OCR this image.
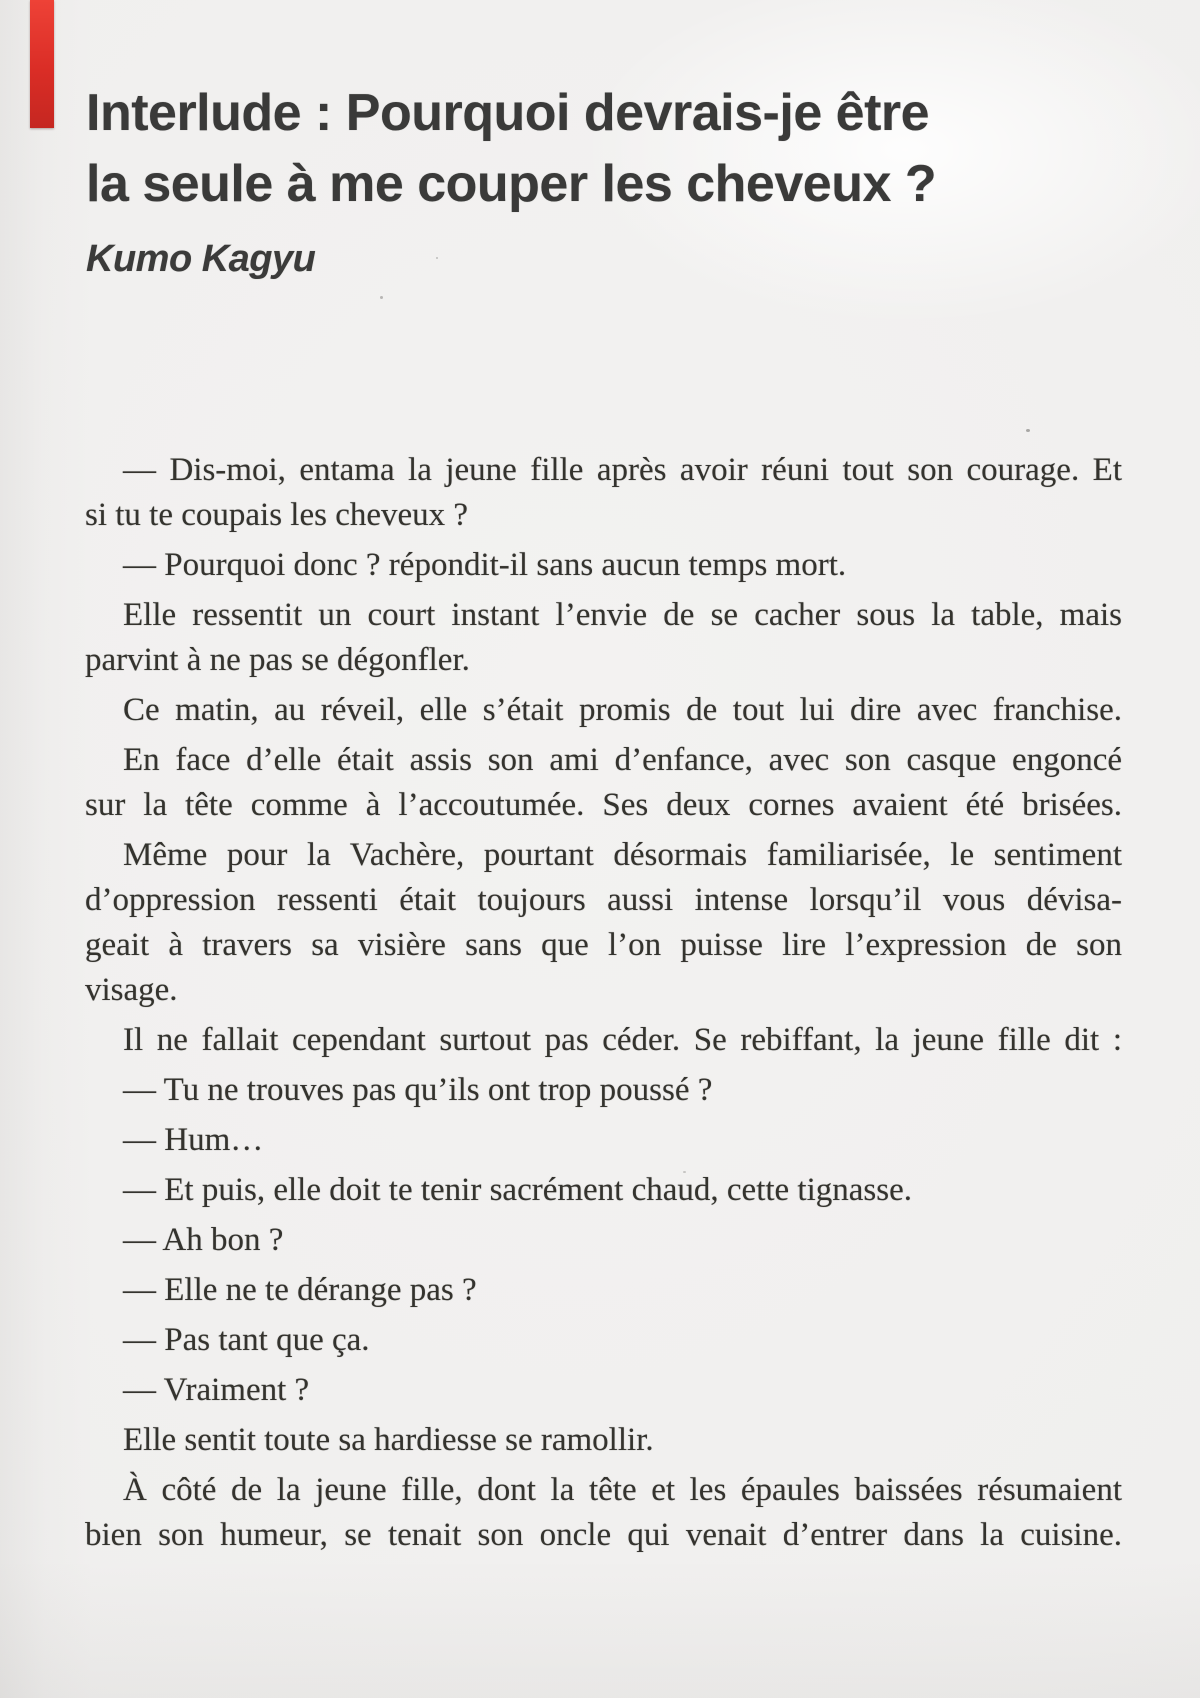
Interlude : Pourquoi devrais-je être
la seule à me couper les cheveux ?
Kumo Kagyu
— Dis-moi, entama la jeune fille après avoir réuni tout son courage. Et
si tu te coupais les cheveux ?
— Pourquoi donc ? répondit-il sans aucun temps mort.
Elle ressentit un court instant l’envie de se cacher sous la table, mais
parvint à ne pas se dégonfler.
Ce matin, au réveil, elle s’était promis de tout lui dire avec franchise.
En face d’elle était assis son ami d’enfance, avec son casque engoncé
sur la tête comme à l’accoutumée. Ses deux cornes avaient été brisées.
Même pour la Vachère, pourtant désormais familiarisée, le sentiment
d’oppression ressenti était toujours aussi intense lorsqu’il vous dévisa-
geait à travers sa visière sans que l’on puisse lire l’expression de son
visage.
Il ne fallait cependant surtout pas céder. Se rebiffant, la jeune fille dit :
— Tu ne trouves pas qu’ils ont trop poussé ?
— Hum…
— Et puis, elle doit te tenir sacrément chaud, cette tignasse.
— Ah bon ?
— Elle ne te dérange pas ?
— Pas tant que ça.
— Vraiment ?
Elle sentit toute sa hardiesse se ramollir.
À côté de la jeune fille, dont la tête et les épaules baissées résumaient
bien son humeur, se tenait son oncle qui venait d’entrer dans la cuisine.
